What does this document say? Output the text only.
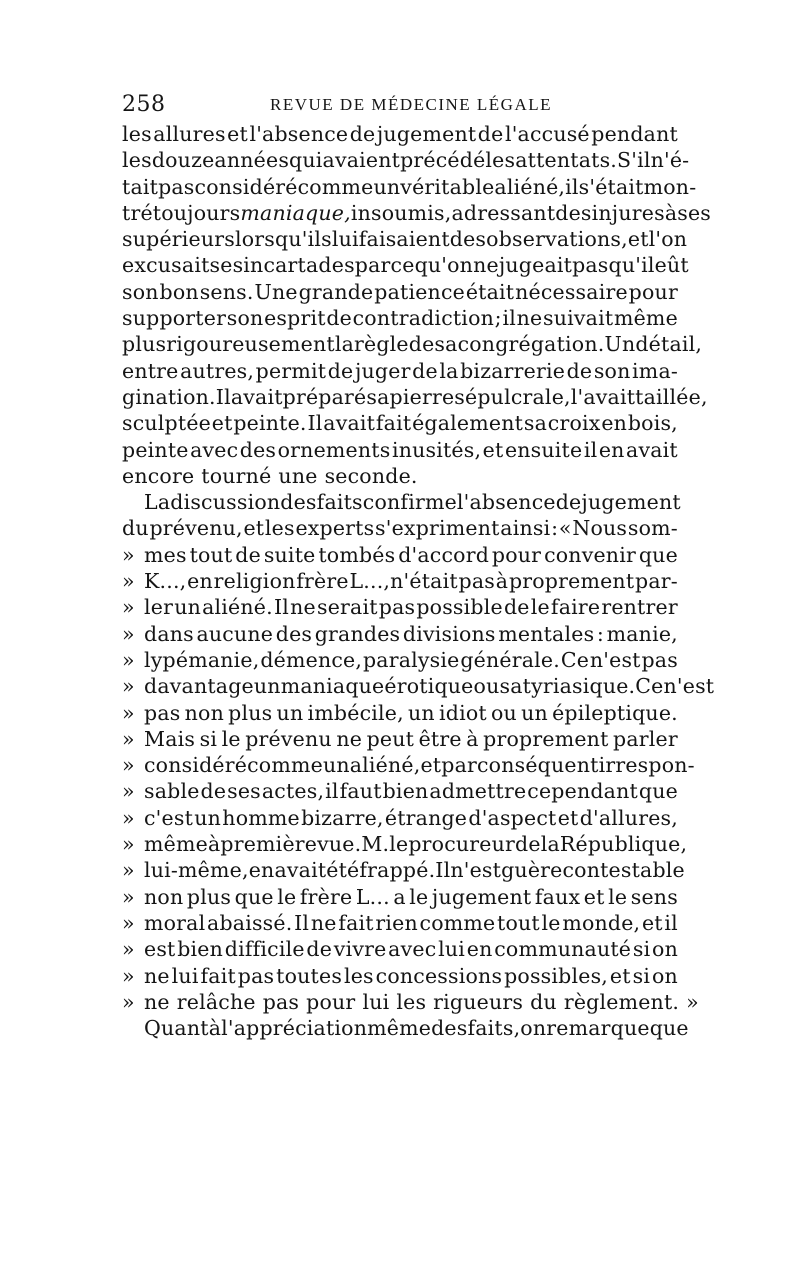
258	REVUE DE MÉDECINE LÉGALE
les allures et l'absence de jugement de l'accusé pendant
les douze années qui avaient précédé les attentats. S'il n'é-
tait pas considéré comme un véritable aliéné, il s'était mon-
tré toujours maniaque, insoumis, adressant des injures à ses
supérieurs lorsqu'ils lui faisaient des observations, et l'on
excusait ses incartades parce qu'on ne jugeait pas qu'il eût
son bon sens. Une grande patience était nécessaire pour
supporter son esprit de contradiction ; il ne suivait même
plus rigoureusement la règle de sa congrégation. Un détail,
entre autres, permit de juger de la bizarrerie de son ima-
gination. Il avait préparé sa pierre sépulcrale, l'avait taillée,
sculptée et peinte. Il avait fait également sa croix en bois,
peinte avec des ornements inusités, et ensuite il en avait
encore tourné une seconde.
La discussion des faits confirme l'absence de jugement
du prévenu, et les experts s'expriment ainsi : « Nous som-
» mes tout de suite tombés d'accord pour convenir que
» K..., en religion frère L...,n'était pas à proprement par-
» ler un aliéné. Il ne serait pas possible de le faire rentrer
» dans aucune des grandes divisions mentales : manie,
» lypémanie, démence, paralysie générale. Ce n'est pas
» davantage un maniaque érotique ou satyriasique. Ce n'est
» pas non plus un imbécile, un idiot ou un épileptique.
» Mais si le prévenu ne peut être à proprement parler
» considéré comme un aliéné, et par conséquent irrespon-
» sable de ses actes, il faut bien admettre cependant que
» c'est un homme bizarre, étrange d'aspect et d'allures,
» même à première vue. M. le procureur de la République,
» lui-même, en avait été frappé. Il n'est guère contestable
» non plus que le frère L... a le jugement faux et le sens
» moral abaissé. Il ne fait rien comme tout le monde, et il
» est bien difficile de vivre avec lui en communauté si on
» ne lui fait pas toutes les concessions possibles, et si on
» ne relâche pas pour lui les rigueurs du règlement. »
Quant à l'appréciation même des faits, on remarque que
